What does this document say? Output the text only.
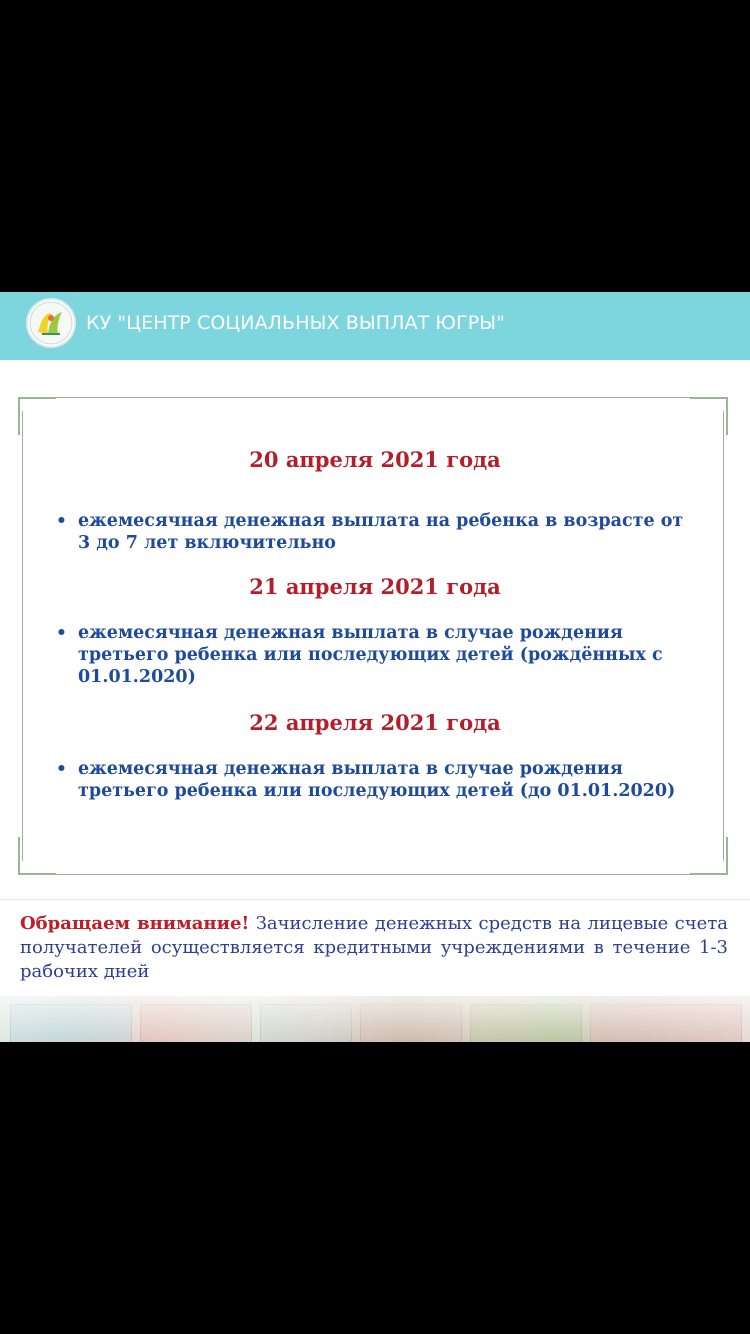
КУ "ЦЕНТР СОЦИАЛЬНЫХ ВЫПЛАТ ЮГРЫ"
20 апреля 2021 года
• ежемесячная денежная выплата на ребенка в возрасте от 3 до 7 лет включительно
21 апреля 2021 года
• ежемесячная денежная выплата в случае рождения третьего ребенка или последующих детей (рождённых с 01.01.2020)
22 апреля 2021 года
• ежемесячная денежная выплата в случае рождения третьего ребенка или последующих детей (до 01.01.2020)
Обращаем внимание! Зачисление денежных средств на лицевые счета получателей осуществляется кредитными учреждениями в течение 1-3 рабочих дней
